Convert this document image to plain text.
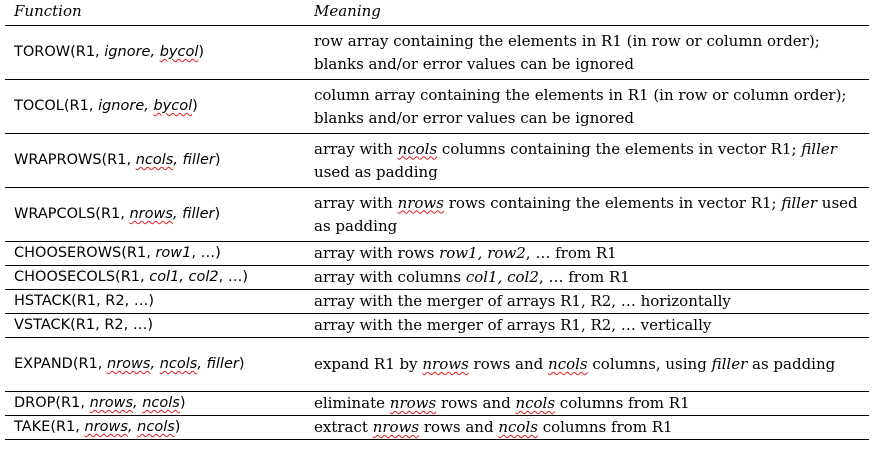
Function	Meaning
TOROW(R1, ignore, bycol)	row array containing the elements in R1 (in row or column order); blanks and/or error values can be ignored
TOCOL(R1, ignore, bycol)	column array containing the elements in R1 (in row or column order); blanks and/or error values can be ignored
WRAPROWS(R1, ncols, filler)	array with ncols columns containing the elements in vector R1; filler used as padding
WRAPCOLS(R1, nrows, filler)	array with nrows rows containing the elements in vector R1; filler used as padding
CHOOSEROWS(R1, row1, …)	array with rows row1, row2, … from R1
CHOOSECOLS(R1, col1, col2, …)	array with columns col1, col2, … from R1
HSTACK(R1, R2, …)	array with the merger of arrays R1, R2, … horizontally
VSTACK(R1, R2, …)	array with the merger of arrays R1, R2, … vertically
EXPAND(R1, nrows, ncols, filler)	expand R1 by nrows rows and ncols columns, using filler as padding
DROP(R1, nrows, ncols)	eliminate nrows rows and ncols columns from R1
TAKE(R1, nrows, ncols)	extract nrows rows and ncols columns from R1
